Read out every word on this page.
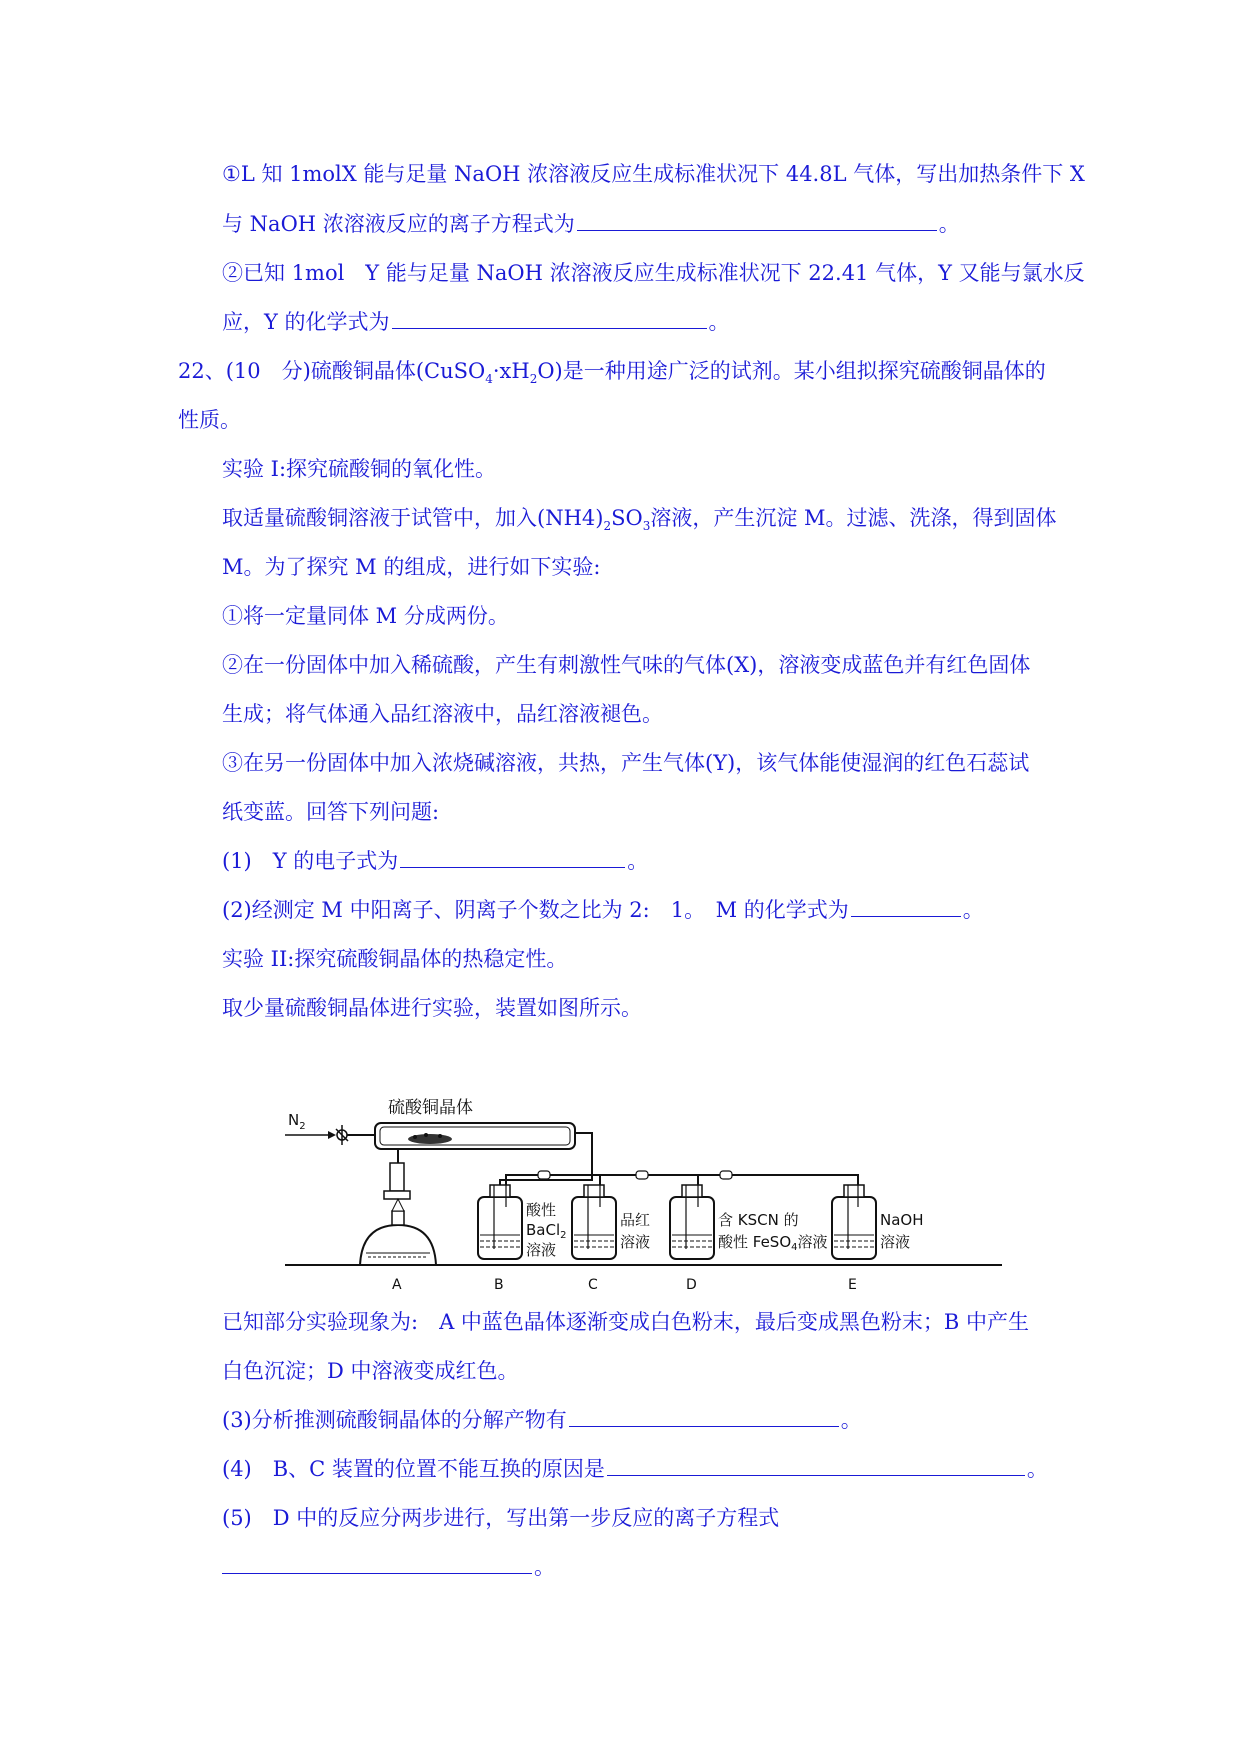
①L 知 1molX 能与足量 NaOH 浓溶液反应生成标准状况下 44.8L 气体，写出加热条件下 X
与 NaOH 浓溶液反应的离子方程式为	。
②已知 1mol　Y 能与足量 NaOH 浓溶液反应生成标准状况下 22.41 气体，Y 又能与氯水反
应，Y 的化学式为	。
22、(10　分)硫酸铜晶体$(CuSO_4\cdot xH_2O)$是一种用途广泛的试剂。某小组拟探究硫酸铜晶体的
性质。
实验 I:探究硫酸铜的氧化性。
取适量硫酸铜溶液于试管中，加入$(NH4)_2SO_3$溶液，产生沉淀 M。过滤、洗涤，得到固体
M。为了探究 M 的组成，进行如下实验:
①将一定量同体 M 分成两份。
②在一份固体中加入稀硫酸，产生有刺激性气味的气体(X)，溶液变成蓝色并有红色固体
生成；将气体通入品红溶液中，品红溶液褪色。
③在另一份固体中加入浓烧碱溶液，共热，产生气体(Y)，该气体能使湿润的红色石蕊试
纸变蓝。回答下列问题:
(1)　Y 的电子式为	。
(2)经测定 M 中阳离子、阴离子个数之比为 2:　1。　M 的化学式为	。
实验 II:探究硫酸铜晶体的热稳定性。
取少量硫酸铜晶体进行实验，装置如图所示。
$N_2$
硫酸铜晶体
酸性
BaCl$_2$
溶液
品红
溶液
含 KSCN 的
酸性 FeSO$_4$溶液
NaOH
溶液
A	B	C	D	E
已知部分实验现象为:　A 中蓝色晶体逐渐变成白色粉末，最后变成黑色粉末；B 中产生
白色沉淀；D 中溶液变成红色。
(3)分析推测硫酸铜晶体的分解产物有	。
(4)　B、C 装置的位置不能互换的原因是	。
(5)　D 中的反应分两步进行，写出第一步反应的离子方程式
。
